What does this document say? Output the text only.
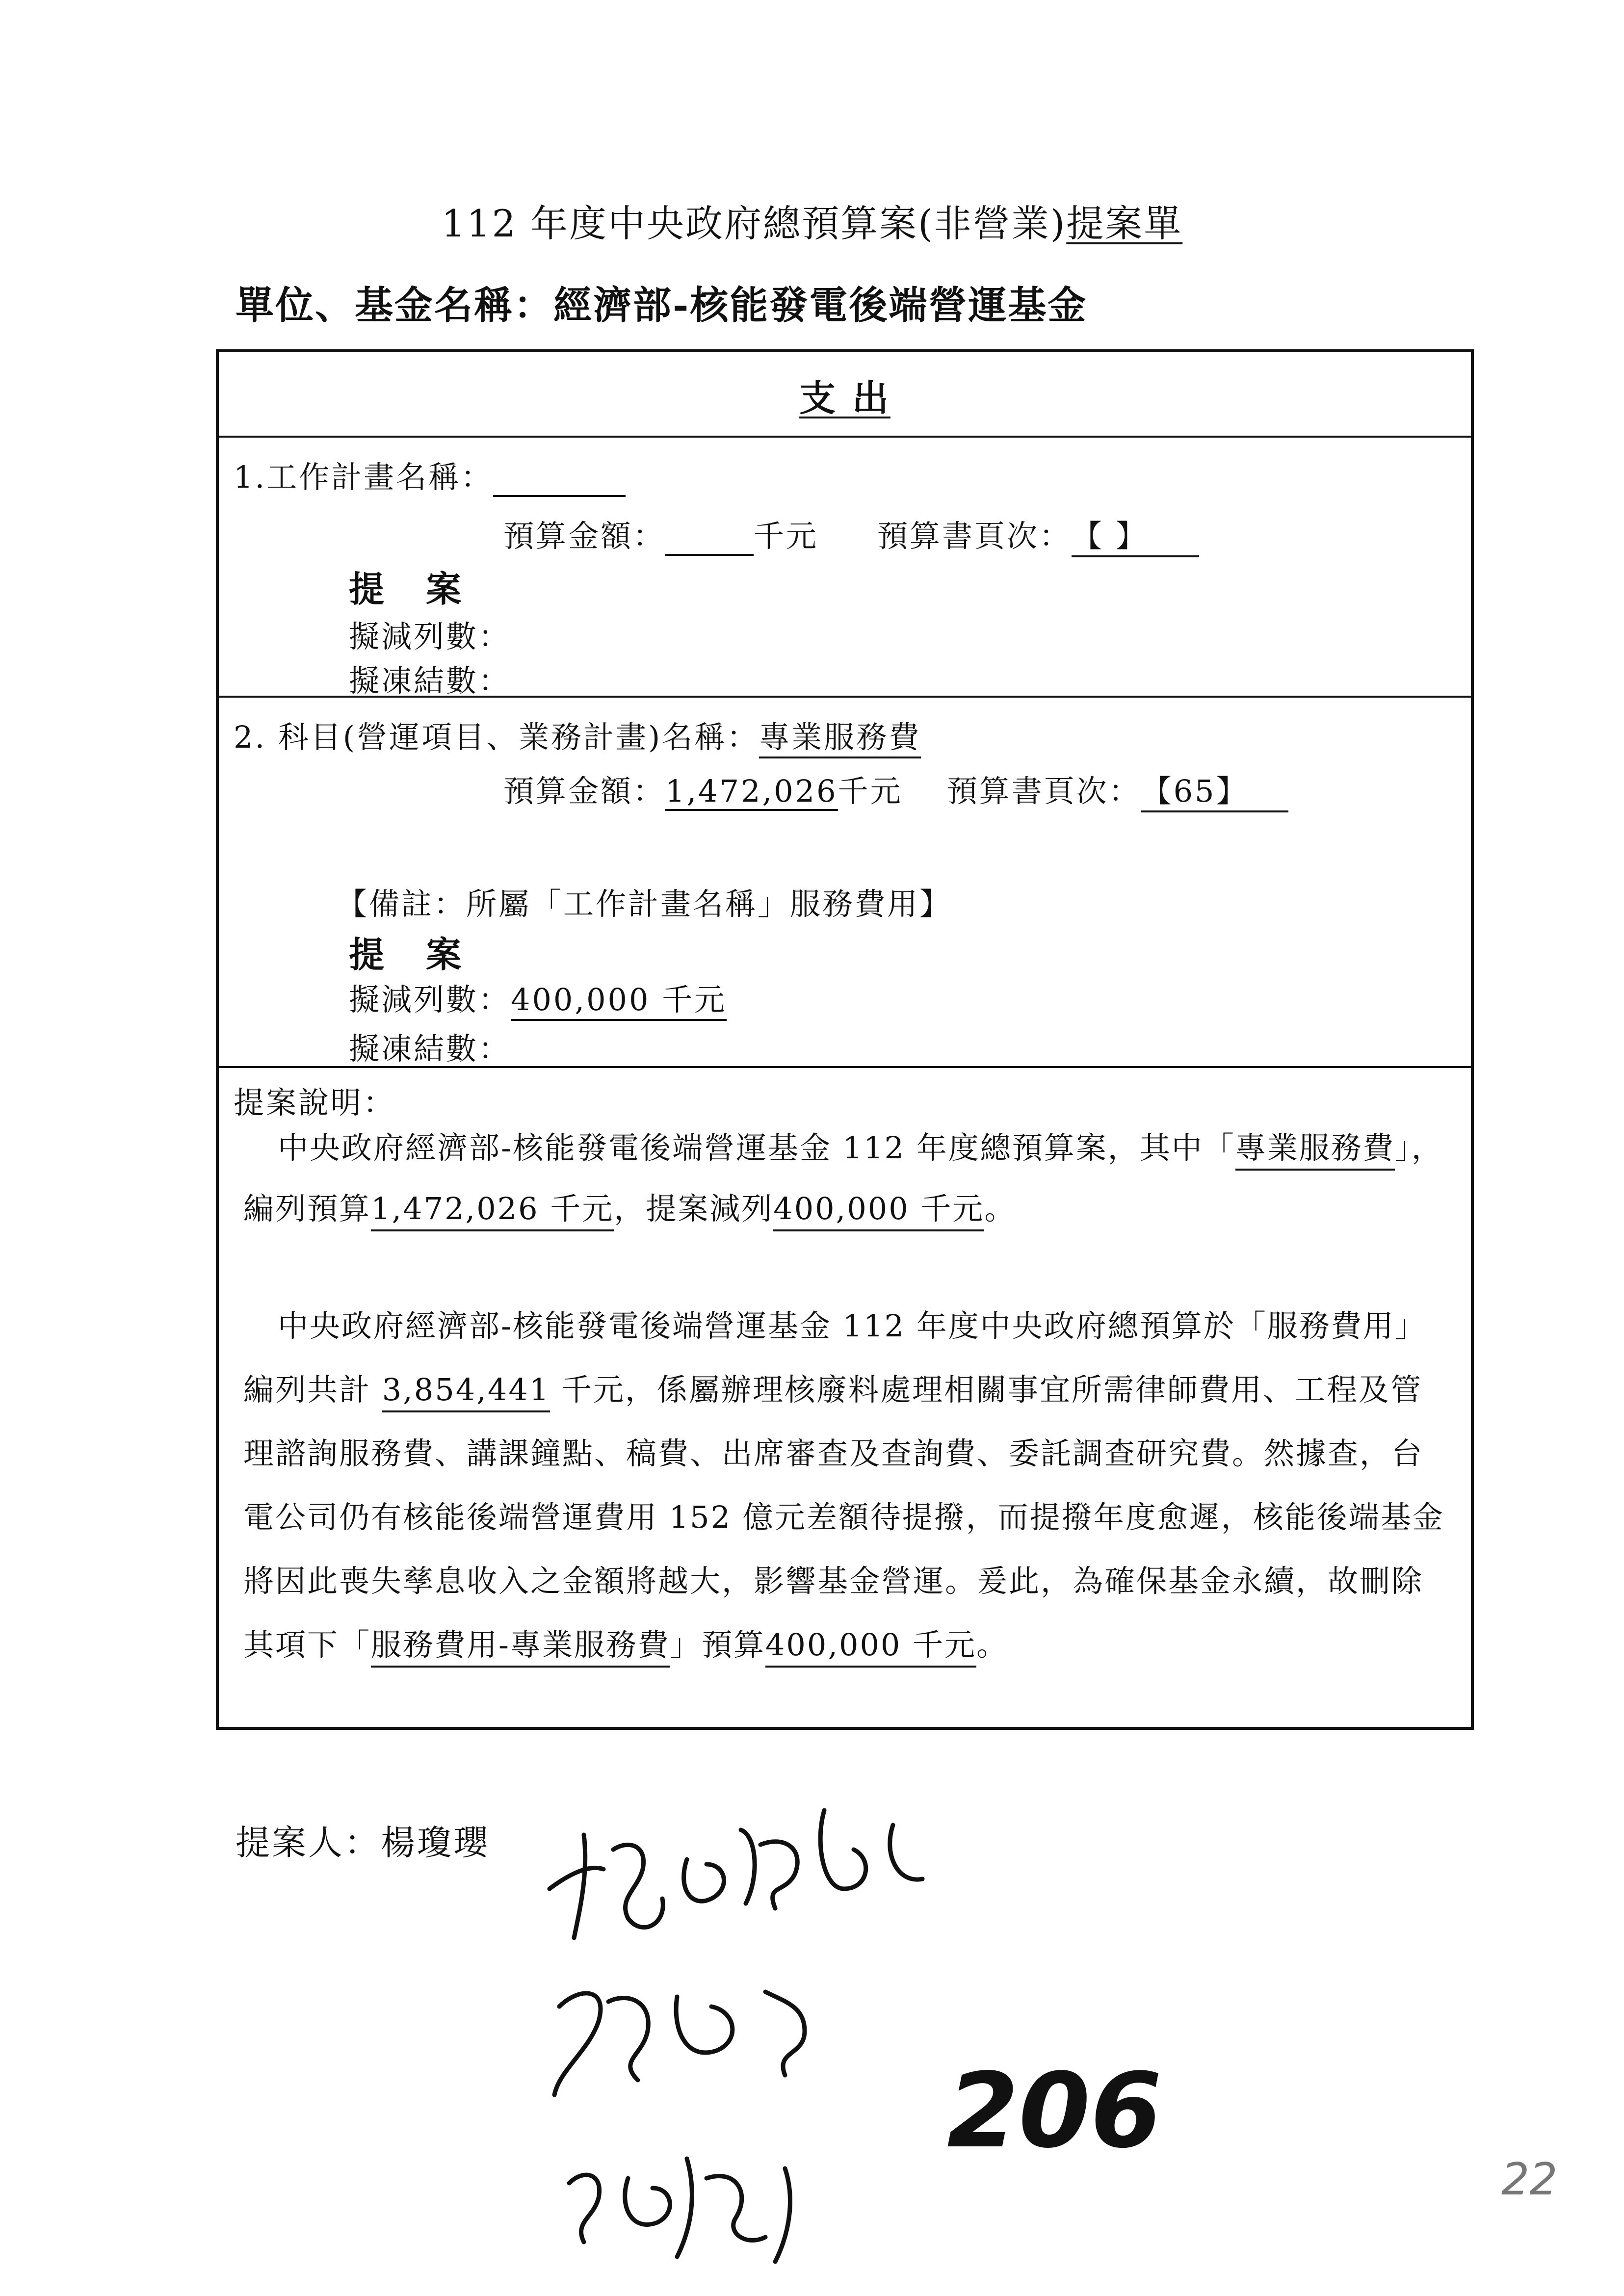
112 年度中央政府總預算案(非營業)提案單
單位、基金名稱：經濟部-核能發電後端營運基金
支 出
1.工作計畫名稱：
預算金額：	千元 預算書頁次：【 】
提 案
擬減列數：
擬凍結數：
2. 科目(營運項目、業務計畫)名稱：專業服務費
預算金額：1,472,026千元 預算書頁次：【65】
【備註：所屬「工作計畫名稱」服務費用】
提 案
擬減列數：400,000 千元
擬凍結數：
提案說明：
中央政府經濟部-核能發電後端營運基金 112 年度總預算案，其中「專業服務費」，編列預算1,472,026 千元，提案減列400,000 千元。
中央政府經濟部-核能發電後端營運基金 112 年度中央政府總預算於「服務費用」編列共計 3,854,441 千元，係屬辦理核廢料處理相關事宜所需律師費用、工程及管理諮詢服務費、講課鐘點、稿費、出席審查及查詢費、委託調查研究費。然據查，台電公司仍有核能後端營運費用 152 億元差額待提撥，而提撥年度愈遲，核能後端基金將因此喪失孳息收入之金額將越大，影響基金營運。爰此，為確保基金永續，故刪除其項下「服務費用-專業服務費」預算400,000 千元。
提案人：楊瓊瓔
206
22
